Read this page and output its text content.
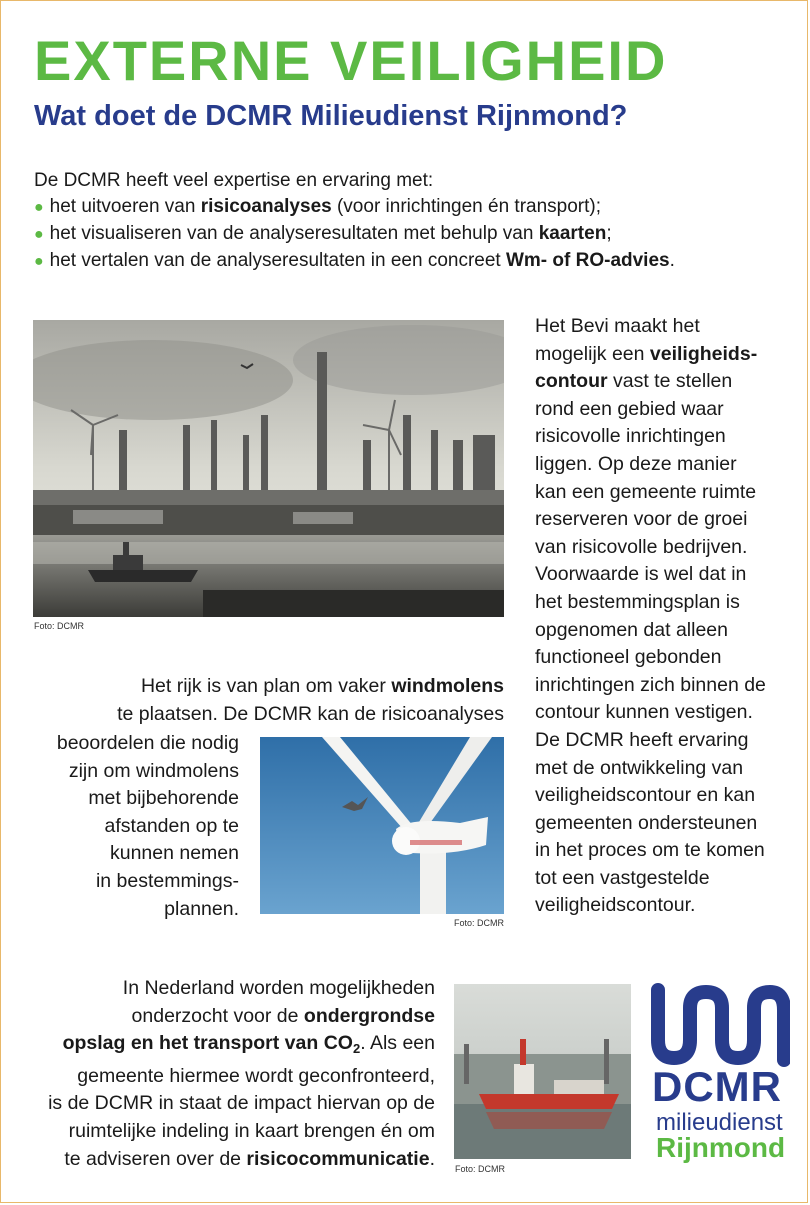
EXTERNE VEILIGHEID
Wat doet de DCMR Milieudienst Rijnmond?
De DCMR heeft veel expertise en ervaring met:
● het uitvoeren van risicoanalyses (voor inrichtingen én transport);
● het visualiseren van de analyseresultaten met behulp van kaarten;
● het vertalen van de analyseresultaten in een concreet Wm- of RO-advies.
Foto: DCMR
Het Bevi maakt het
mogelijk een veiligheids-
contour vast te stellen
rond een gebied waar
risicovolle inrichtingen
liggen. Op deze manier
kan een gemeente ruimte
reserveren voor de groei
van risicovolle bedrijven.
Voorwaarde is wel dat in
het bestemmingsplan is
opgenomen dat alleen
functioneel gebonden
inrichtingen zich binnen de
contour kunnen vestigen.
De DCMR heeft ervaring
met de ontwikkeling van
veiligheidscontour en kan
gemeenten ondersteunen
in het proces om te komen
tot een vastgestelde
veiligheidscontour.
Het rijk is van plan om vaker windmolens
te plaatsen. De DCMR kan de risicoanalyses
beoordelen die nodig
zijn om windmolens
met bijbehorende
afstanden op te
kunnen nemen
in bestemmings-
plannen.
Foto: DCMR
In Nederland worden mogelijkheden
onderzocht voor de ondergrondse
opslag en het transport van $CO_2$. Als een
gemeente hiermee wordt geconfronteerd,
is de DCMR in staat de impact hiervan op de
ruimtelijke indeling in kaart brengen én om
te adviseren over de risicocommunicatie. Foto: DCMR
DCMR
milieudienst
Rijnmond
